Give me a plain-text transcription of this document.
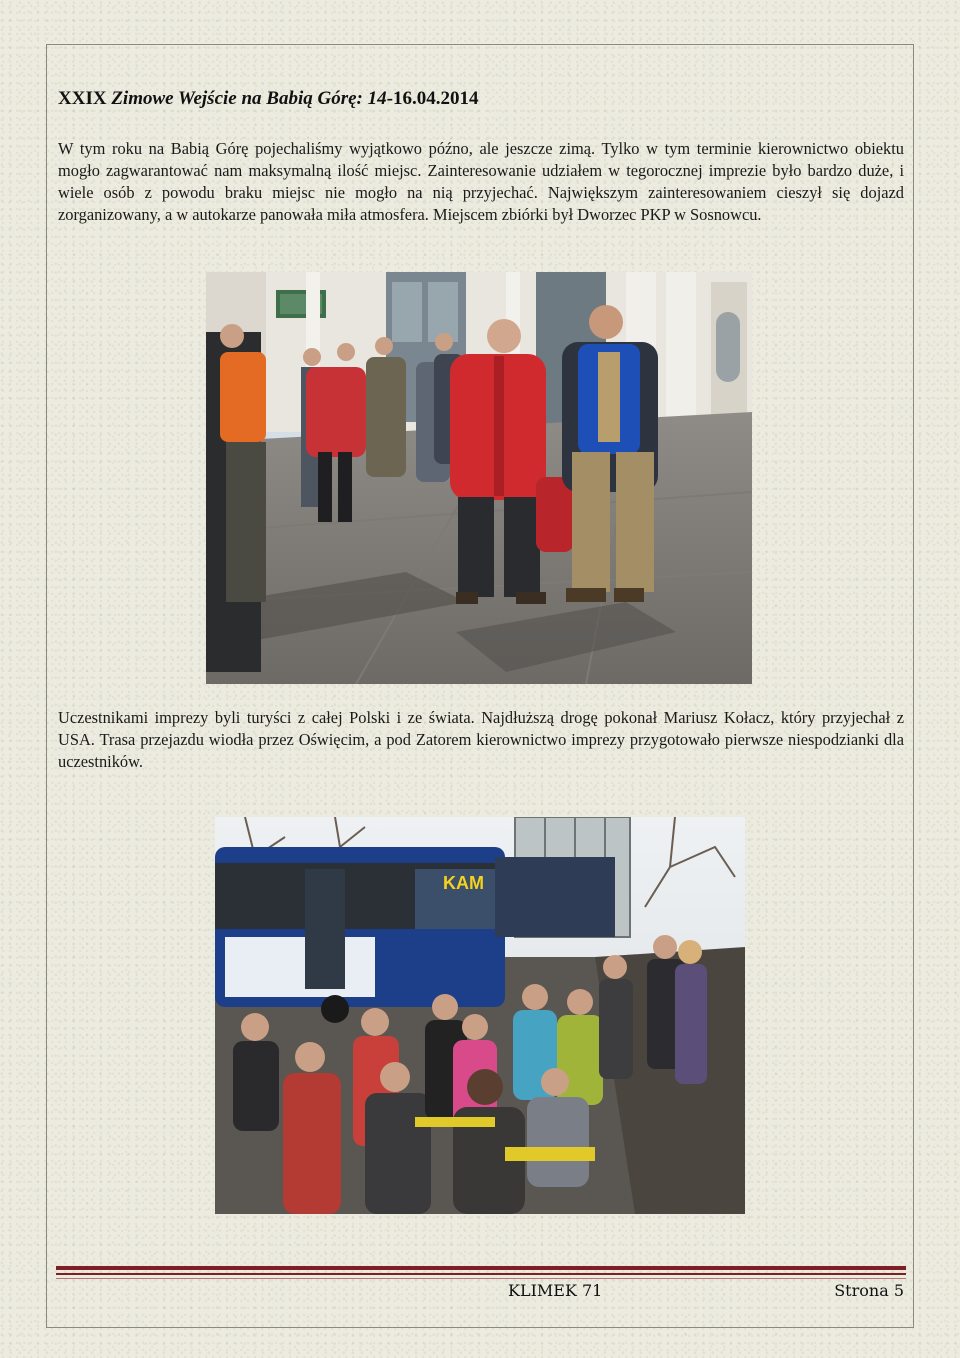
XXIX Zimowe Wejście na Babią Górę: 14-16.04.2014

W tym roku na Babią Górę pojechaliśmy wyjątkowo późno, ale jeszcze zimą. Tylko w tym terminie kierownictwo obiektu mogło zagwarantować nam maksymalną ilość miejsc. Zainteresowanie udziałem w tegorocznej imprezie było bardzo duże, i wiele osób z powodu braku miejsc nie mogło na nią przyjechać. Największym zainteresowaniem cieszył się dojazd zorganizowany, a w autokarze panowała miła atmosfera. Miejscem zbiórki był Dworzec PKP w Sosnowcu.

Uczestnikami imprezy byli turyści z całej Polski i ze świata. Najdłuższą drogę pokonał Mariusz Kołacz, który przyjechał z USA. Trasa przejazdu wiodła przez Oświęcim, a pod Zatorem kierownictwo imprezy przygotowało pierwsze niespodzianki dla uczestników.

KAM
KLIMEK 71	Strona 5
